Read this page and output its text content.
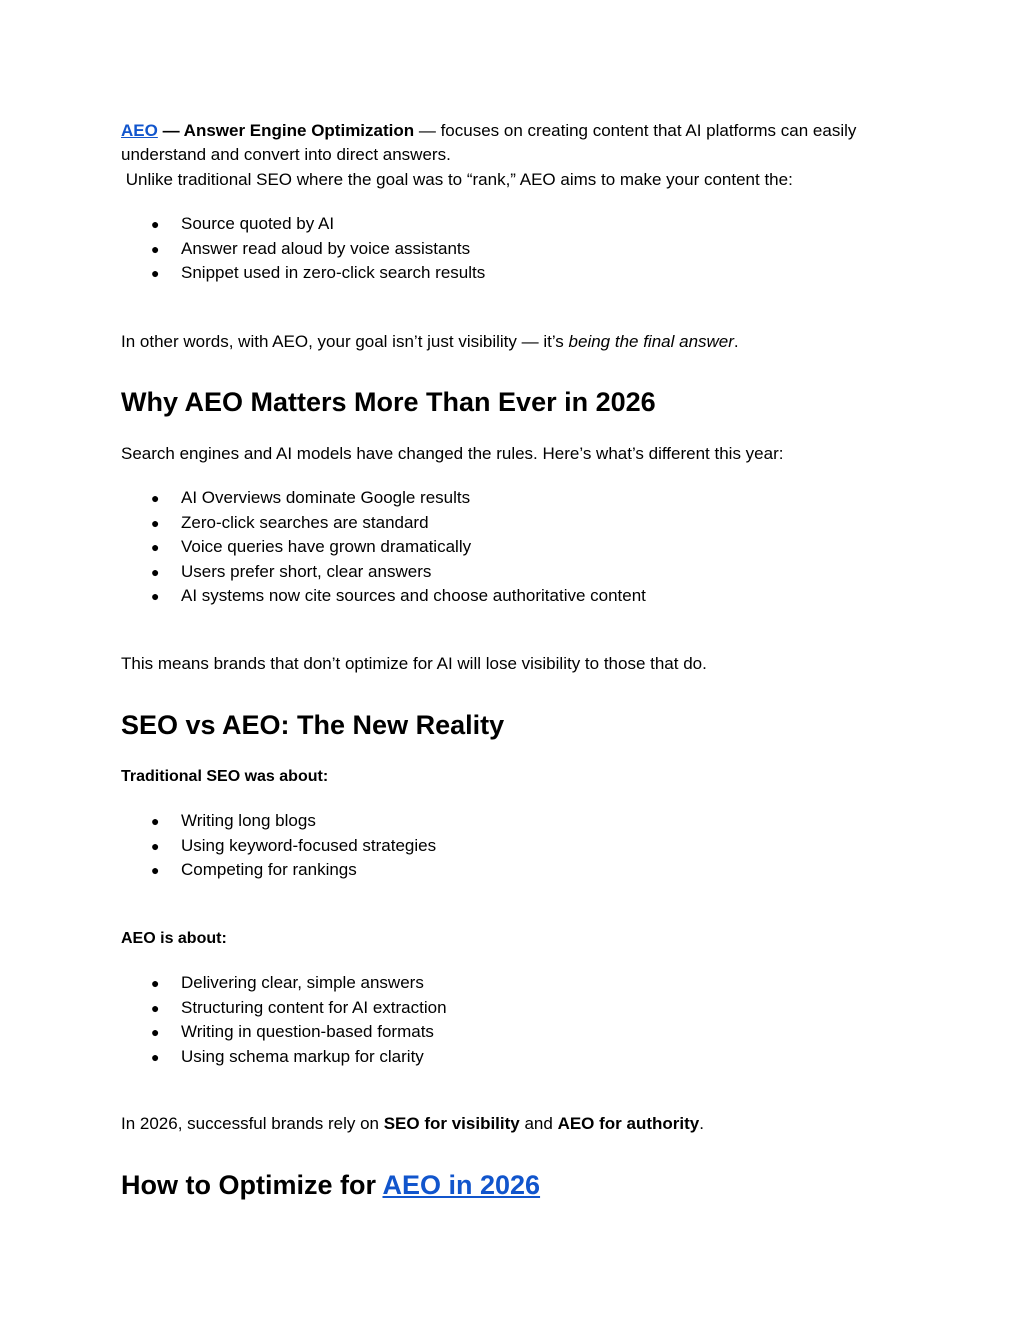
AEO — Answer Engine Optimization — focuses on creating content that AI platforms can easily understand and convert into direct answers.

Unlike traditional SEO where the goal was to “rank,” AEO aims to make your content the:

● Source quoted by AI
● Answer read aloud by voice assistants
● Snippet used in zero-click search results

In other words, with AEO, your goal isn’t just visibility — it’s being the final answer.

Why AEO Matters More Than Ever in 2026

Search engines and AI models have changed the rules. Here’s what’s different this year:

● AI Overviews dominate Google results
● Zero-click searches are standard
● Voice queries have grown dramatically
● Users prefer short, clear answers
● AI systems now cite sources and choose authoritative content

This means brands that don’t optimize for AI will lose visibility to those that do.

SEO vs AEO: The New Reality

Traditional SEO was about:

● Writing long blogs
● Using keyword-focused strategies
● Competing for rankings

AEO is about:

● Delivering clear, simple answers
● Structuring content for AI extraction
● Writing in question-based formats
● Using schema markup for clarity

In 2026, successful brands rely on SEO for visibility and AEO for authority.

How to Optimize for AEO in 2026
